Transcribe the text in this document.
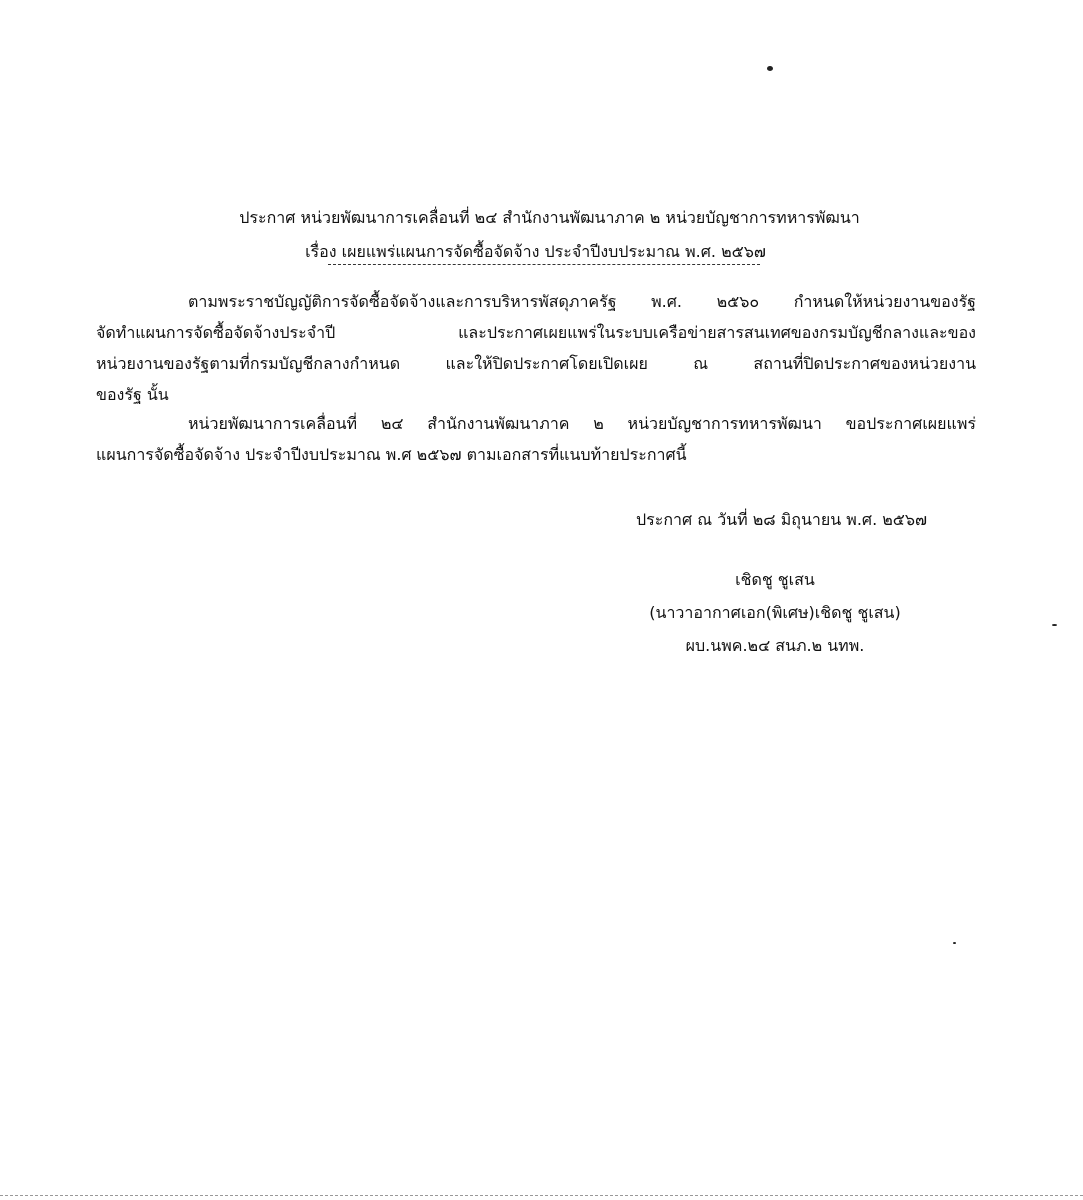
ประกาศ หน่วยพัฒนาการเคลื่อนที่ ๒๔ สำนักงานพัฒนาภาค ๒ หน่วยบัญชาการทหารพัฒนา
เรื่อง เผยแพร่แผนการจัดซื้อจัดจ้าง ประจำปีงบประมาณ พ.ศ. ๒๕๖๗
ตามพระราชบัญญัติการจัดซื้อจัดจ้างและการบริหารพัสดุภาครัฐ พ.ศ. ๒๕๖๐ กำหนดให้หน่วยงานของรัฐ
จัดทำแผนการจัดซื้อจัดจ้างประจำปี และประกาศเผยแพร่ในระบบเครือข่ายสารสนเทศของกรมบัญชีกลางและของ
หน่วยงานของรัฐตามที่กรมบัญชีกลางกำหนด และให้ปิดประกาศโดยเปิดเผย ณ สถานที่ปิดประกาศของหน่วยงาน
ของรัฐ นั้น
หน่วยพัฒนาการเคลื่อนที่ ๒๔ สำนักงานพัฒนาภาค ๒ หน่วยบัญชาการทหารพัฒนา ขอประกาศเผยแพร่
แผนการจัดซื้อจัดจ้าง ประจำปีงบประมาณ พ.ศ ๒๕๖๗ ตามเอกสารที่แนบท้ายประกาศนี้
ประกาศ ณ วันที่ ๒๘ มิถุนายน พ.ศ. ๒๕๖๗
เชิดชู ชูเสน
(นาวาอากาศเอก(พิเศษ)เชิดชู ชูเสน)
ผบ.นพค.๒๔ สนภ.๒ นทพ.
